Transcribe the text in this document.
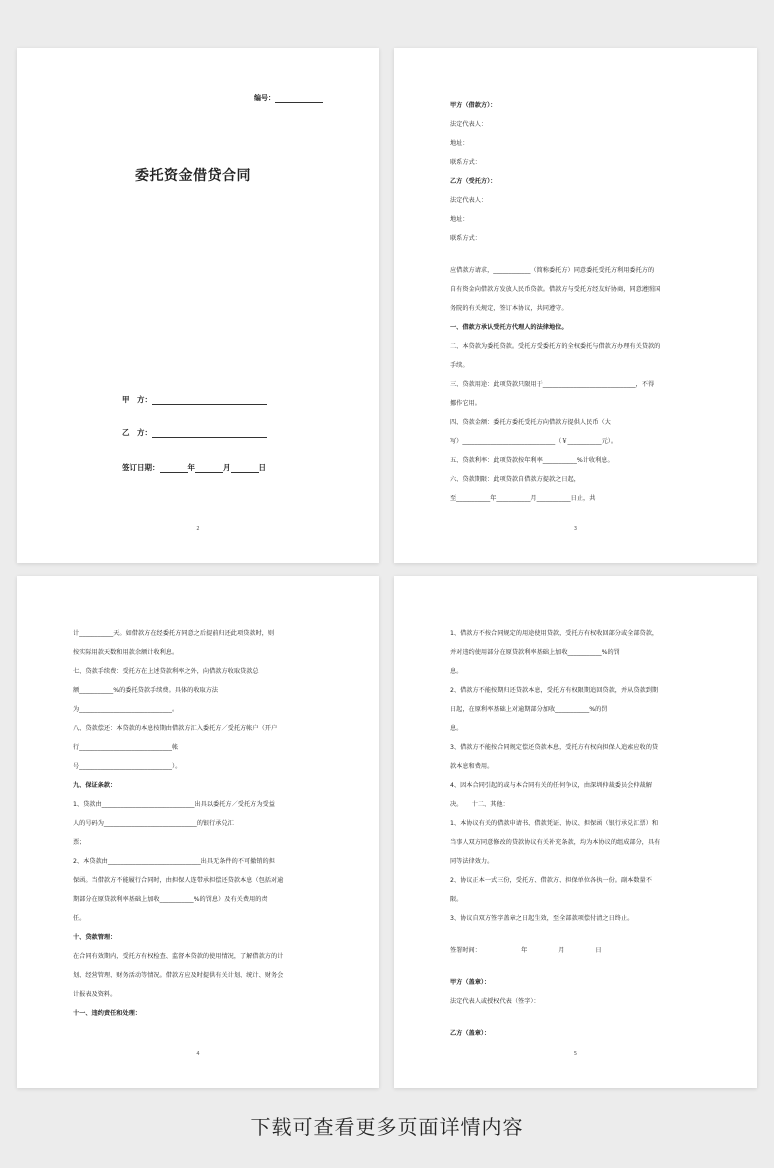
编号：
委托资金借贷合同
甲　方：
乙　方：
签订日期：	年	月	日
2
甲方（借款方）：
法定代表人：
地址：
联系方式：
乙方（受托方）：
法定代表人：
地址：
联系方式：
应借款方请求，____________（简称委托方）同意委托受托方利用委托方的
自有资金向借款方发放人民币贷款。借款方与受托方经友好协商，同意遵照国
务院的有关规定，签订本协议，共同遵守。
一、借款方承认受托方代理人的法律地位。
二、本贷款为委托贷款。受托方受委托方的全权委托与借款方办理有关贷款的
手续。
三、贷款用途：此项贷款只限用于______________________________，不得
挪作它用。
四、贷款金额：委托方委托受托方向借款方提供人民币（大
写）______________________________（￥___________元）。
五、贷款利率：此项贷款按年利率___________%计收利息。
六、贷款期限：此项贷款自借款方提款之日起，
至___________年___________月___________日止，共
3
计___________天。如借款方在经委托方同意之后提前归还此项贷款时，则
按实际用款天数和用款余额计收利息。
七、贷款手续费：受托方在上述贷款利率之外，向借款方收取贷款总
额___________%的委托贷款手续费。具体的收取方法
为______________________________。
八、贷款偿还：本贷款的本息按期由借款方汇入委托方／受托方帐户（开户
行______________________________帐
号______________________________）。
九、保证条款：
1、贷款由______________________________出具以委托方／受托方为受益
人的号码为______________________________的银行承兑汇
票；
2、本贷款由______________________________出具无条件的不可撤销的担
保函。当借款方不能履行合同时，由担保人连带承担偿还贷款本息（包括对逾
期部分在原贷款利率基础上加收___________%的罚息）及有关费用的责
任。
十、贷款管理：
在合同有效期内，受托方有权检查、监督本贷款的使用情况，了解借款方的计
划、经营管理、财务活动等情况。借款方应及时提供有关计划、统计、财务会
计报表及资料。
十一、违约责任和处理：
4
1、借款方不按合同规定的用途使用贷款，受托方有权收回部分或全部贷款，
并对违约使用部分在原贷款利率基础上加收___________%的罚
息。
2、借款方不能按期归还贷款本息，受托方有权限期追回贷款，并从贷款到期
日起，在原利率基础上对逾期部分加收___________%的罚
息。
3、借款方不能按合同规定偿还贷款本息，受托方有权向担保人追索应收的贷
款本息和费用。
4、因本合同引起的或与本合同有关的任何争议，由深圳仲裁委员会仲裁解
决。　　十二、其他：
1、本协议有关的借款申请书、借款凭证、协议、担保函（银行承兑汇票）和
当事人双方同意修改的贷款协议有关补充条款，均为本协议的组成部分，具有
同等法律效力。
2、协议正本一式三份，受托方、借款方、担保单位各执一份。副本数量不
限。
3、协议自双方签字盖章之日起生效，至全部款项偿付清之日终止。
签署时间：　　　　　　　年　　　　　月　　　　　日
甲方（盖章）：
法定代表人或授权代表（签字）：
乙方（盖章）：
5
下载可查看更多页面详情内容
